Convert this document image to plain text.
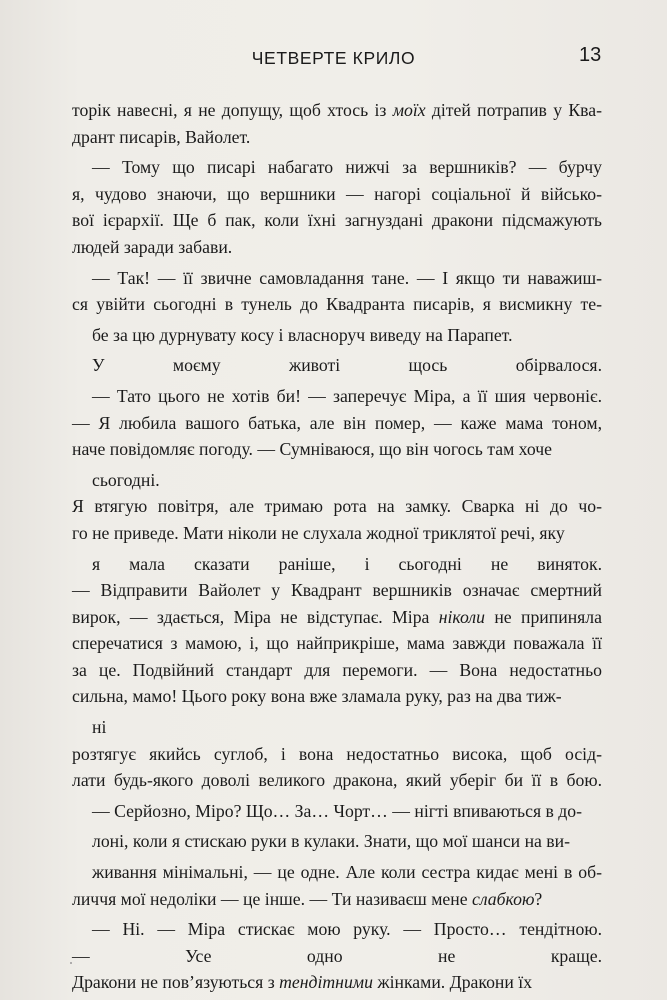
ЧЕТВЕРТЕ КРИЛО	13
торік навесні, я не допущу, щоб хтось із моїх дітей потрапив у Ква-
дрант писарів, Вайолет.
— Тому що писарі набагато нижчі за вершників? — бурчу
я, чудово знаючи, що вершники — нагорі соціальної й військо-
вої ієрархії. Ще б пак, коли їхні загнуздані дракони підсмажують
людей заради забави.
— Так! — її звичне самовладання тане. — І якщо ти наважиш-
ся увійти сьогодні в тунель до Квадранта писарів, я висмикну те-
бе за цю дурнувату косу і власноруч виведу на Парапет.
У моєму животі щось обірвалося.
— Тато цього не хотів би! — заперечує Міра, а її шия червоніє.
— Я любила вашого батька, але він помер, — каже мама тоном,
наче повідомляє погоду. — Сумніваюся, що він чогось там хоче
сьогодні.
Я втягую повітря, але тримаю рота на замку. Сварка ні до чо-
го не приведе. Мати ніколи не слухала жодної триклятої речі, яку
я мала сказати раніше, і сьогодні не виняток.
— Відправити Вайолет у Квадрант вершників означає смертний
вирок, — здається, Міра не відступає. Міра ніколи не припиняла
сперечатися з мамою, і, що найприкріше, мама завжди поважала її
за це. Подвійний стандарт для перемоги. — Вона недостатньо
сильна, мамо! Цього року вона вже зламала руку, раз на два тиж-
ні
розтягує якийсь суглоб, і вона недостатньо висока, щоб осід-
лати будь-якого доволі великого дракона, який уберіг би її в бою.
— Серйозно, Міро? Що… За… Чорт… — нігті впиваються в до-
лоні, коли я стискаю руки в кулаки. Знати, що мої шанси на ви-
живання мінімальні, — це одне. Але коли сестра кидає мені в об-
личчя мої недоліки — це інше. — Ти називаєш мене слабкою?
— Ні. — Міра стискає мою руку. — Просто… тендітною.
— Усе одно не краще.
Дракони не пов’язуються з тендітними жінками. Дракони їх
